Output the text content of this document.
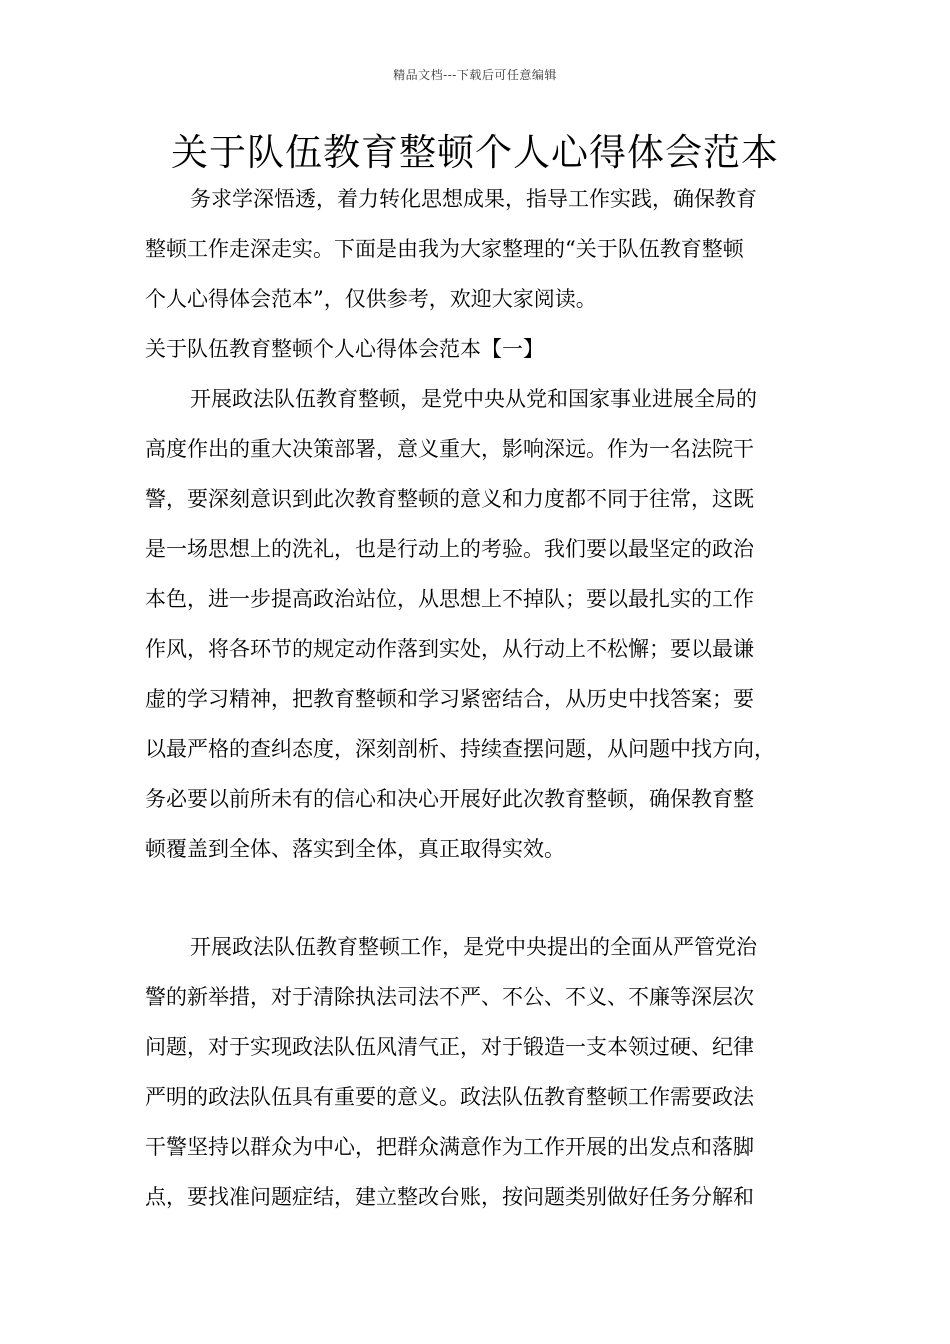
精品文档---下载后可任意编辑
关于队伍教育整顿个人心得体会范本
务求学深悟透，着力转化思想成果，指导工作实践，确保教育
整顿工作走深走实。下面是由我为大家整理的“关于队伍教育整顿
个人心得体会范本”，仅供参考，欢迎大家阅读。
关于队伍教育整顿个人心得体会范本【一】
开展政法队伍教育整顿，是党中央从党和国家事业进展全局的
高度作出的重大决策部署，意义重大，影响深远。作为一名法院干
警，要深刻意识到此次教育整顿的意义和力度都不同于往常，这既
是一场思想上的洗礼，也是行动上的考验。我们要以最坚定的政治
本色，进一步提高政治站位，从思想上不掉队；要以最扎实的工作
作风，将各环节的规定动作落到实处，从行动上不松懈；要以最谦
虚的学习精神，把教育整顿和学习紧密结合，从历史中找答案；要
以最严格的查纠态度，深刻剖析、持续查摆问题，从问题中找方向，
务必要以前所未有的信心和决心开展好此次教育整顿，确保教育整
顿覆盖到全体、落实到全体，真正取得实效。
开展政法队伍教育整顿工作，是党中央提出的全面从严管党治
警的新举措，对于清除执法司法不严、不公、不义、不廉等深层次
问题，对于实现政法队伍风清气正，对于锻造一支本领过硬、纪律
严明的政法队伍具有重要的意义。政法队伍教育整顿工作需要政法
干警坚持以群众为中心，把群众满意作为工作开展的出发点和落脚
点，要找准问题症结，建立整改台账，按问题类别做好任务分解和
